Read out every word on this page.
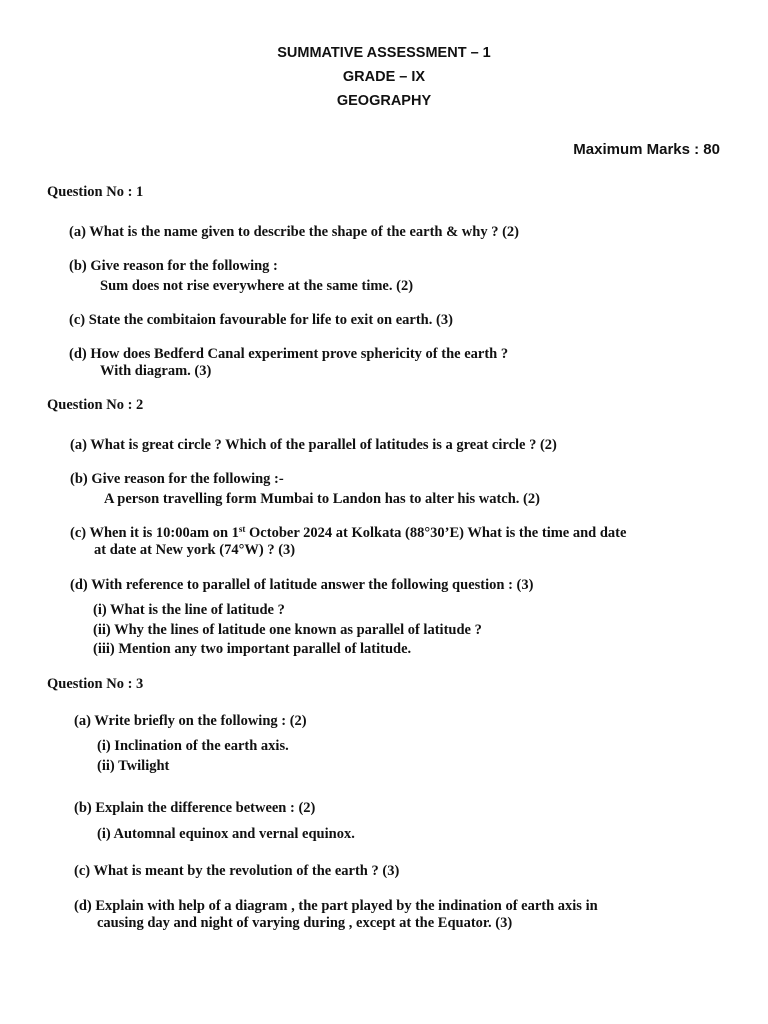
SUMMATIVE ASSESSMENT – 1
GRADE – IX
GEOGRAPHY
Maximum Marks : 80
Question No : 1
(a) What is the name given to describe the shape of the earth & why ? (2)
(b) Give reason for the following :
Sum does not rise everywhere at the same time. (2)
(c) State the combitaion favourable for life to exit on earth. (3)
(d) How does Bedferd Canal experiment prove sphericity of the earth ?
With diagram. (3)
Question No : 2
(a) What is great circle ? Which of the parallel of latitudes is a great circle ? (2)
(b) Give reason for the following :-
A person travelling form Mumbai to Landon has to alter his watch. (2)
(c) When it is 10:00am on 1st October 2024 at Kolkata (88°30’E) What is the time and date
at date at New york (74°W) ? (3)
(d) With reference to parallel of latitude answer the following question : (3)
(i) What is the line of latitude ?
(ii) Why the lines of latitude one known as parallel of latitude ?
(iii) Mention any two important parallel of latitude.
Question No : 3
(a) Write briefly on the following : (2)
(i) Inclination of the earth axis.
(ii) Twilight
(b) Explain the difference between : (2)
(i) Automnal equinox and vernal equinox.
(c) What is meant by the revolution of the earth ? (3)
(d) Explain with help of a diagram , the part played by the indination of earth axis in
causing day and night of varying during , except at the Equator. (3)
